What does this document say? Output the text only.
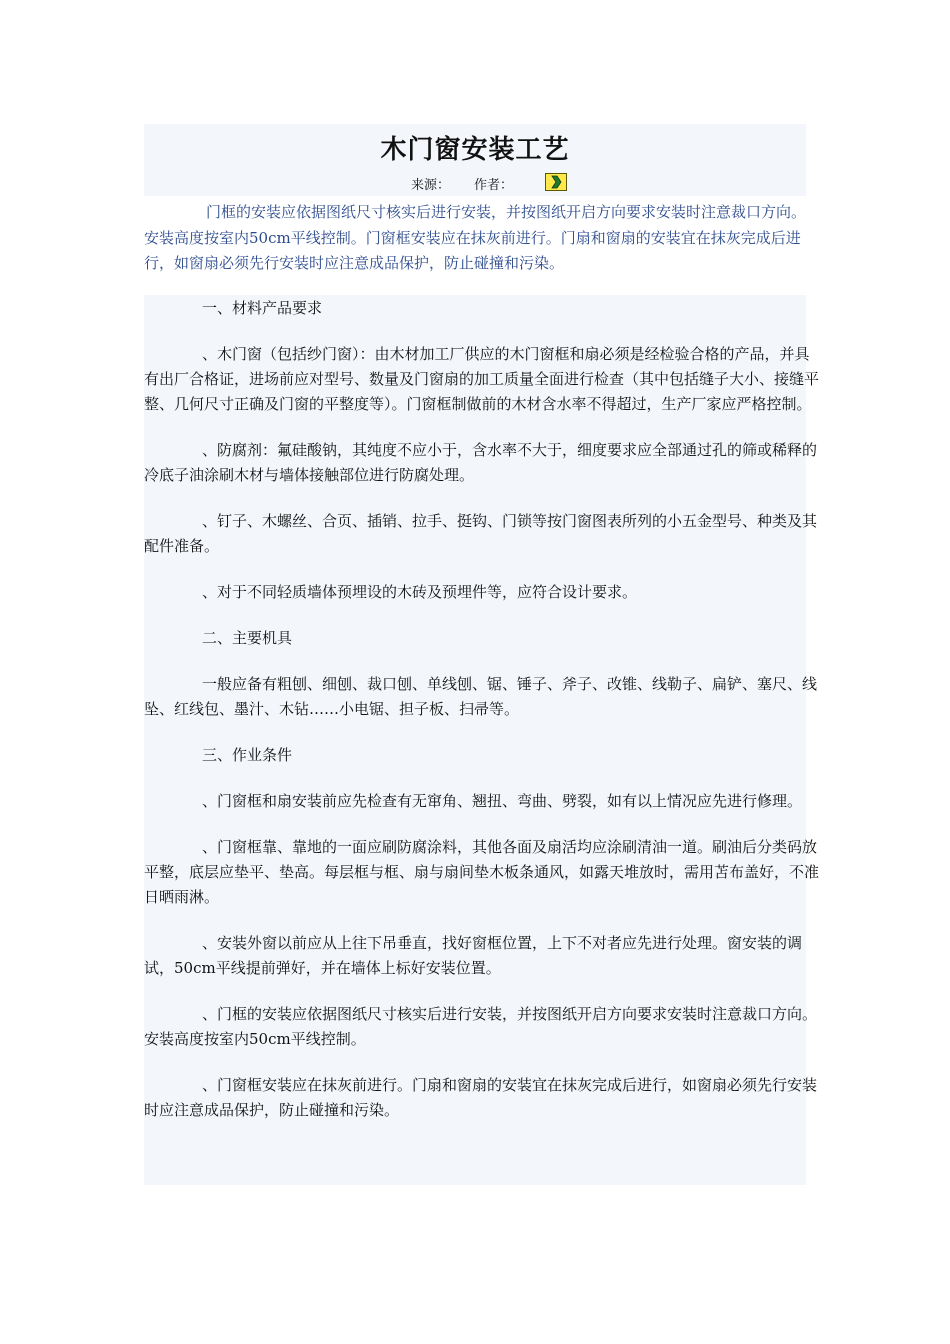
木门窗安装工艺
来源： 作者：

门框的安装应依据图纸尺寸核实后进行安装，并按图纸开启方向要求安装时注意裁口方向。安装高度按室内50cm平线控制。门窗框安装应在抹灰前进行。门扇和窗扇的安装宜在抹灰完成后进行，如窗扇必须先行安装时应注意成品保护，防止碰撞和污染。

一、材料产品要求

、木门窗（包括纱门窗）：由木材加工厂供应的木门窗框和扇必须是经检验合格的产品，并具有出厂合格证，进场前应对型号、数量及门窗扇的加工质量全面进行检查（其中包括缝子大小、接缝平整、几何尺寸正确及门窗的平整度等）。门窗框制做前的木材含水率不得超过，生产厂家应严格控制。

、防腐剂：氟硅酸钠，其纯度不应小于，含水率不大于，细度要求应全部通过孔的筛或稀释的冷底子油涂刷木材与墙体接触部位进行防腐处理。

、钉子、木螺丝、合页、插销、拉手、挺钩、门锁等按门窗图表所列的小五金型号、种类及其配件准备。

、对于不同轻质墙体预埋设的木砖及预埋件等，应符合设计要求。

二、主要机具

一般应备有粗刨、细刨、裁口刨、单线刨、锯、锤子、斧子、改锥、线勒子、扁铲、塞尺、线坠、红线包、墨汁、木钻……小电锯、担子板、扫帚等。

三、作业条件

、门窗框和扇安装前应先检查有无窜角、翘扭、弯曲、劈裂，如有以上情况应先进行修理。

、门窗框靠、靠地的一面应刷防腐涂料，其他各面及扇活均应涂刷清油一道。刷油后分类码放平整，底层应垫平、垫高。每层框与框、扇与扇间垫木板条通风，如露天堆放时，需用苫布盖好，不准日晒雨淋。

、安装外窗以前应从上往下吊垂直，找好窗框位置，上下不对者应先进行处理。窗安装的调试，50cm平线提前弹好，并在墙体上标好安装位置。

、门框的安装应依据图纸尺寸核实后进行安装，并按图纸开启方向要求安装时注意裁口方向。安装高度按室内50cm平线控制。

、门窗框安装应在抹灰前进行。门扇和窗扇的安装宜在抹灰完成后进行，如窗扇必须先行安装时应注意成品保护，防止碰撞和污染。
